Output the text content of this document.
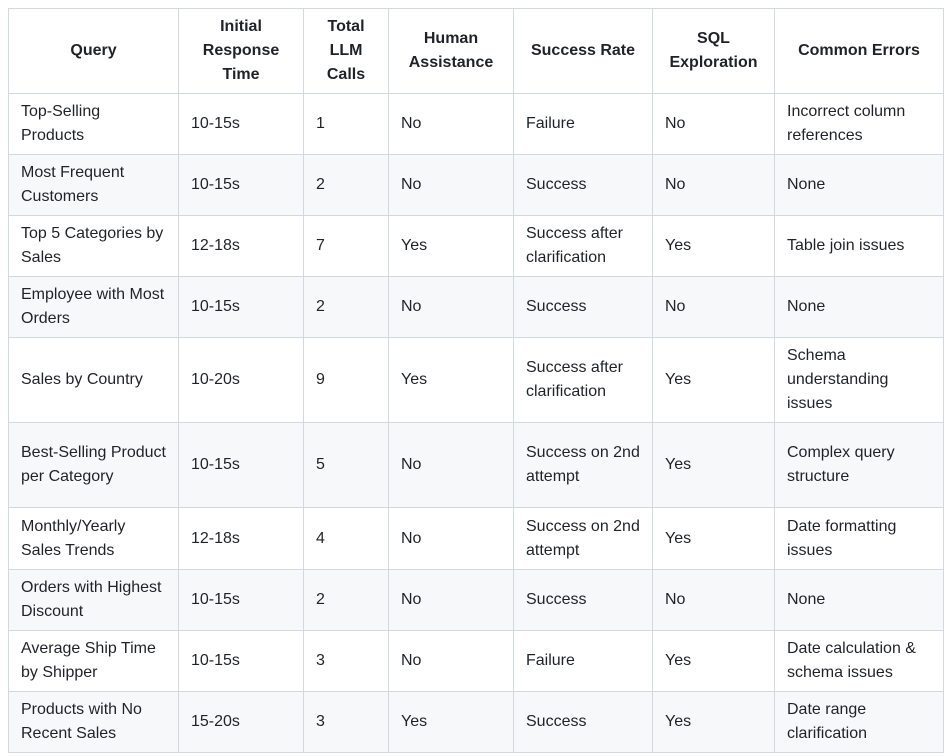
Query	Initial Response Time	Total LLM Calls	Human Assistance	Success Rate	SQL Exploration	Common Errors
Top-Selling Products	10-15s	1	No	Failure	No	Incorrect column references
Most Frequent Customers	10-15s	2	No	Success	No	None
Top 5 Categories by Sales	12-18s	7	Yes	Success after clarification	Yes	Table join issues
Employee with Most Orders	10-15s	2	No	Success	No	None
Sales by Country	10-20s	9	Yes	Success after clarification	Yes	Schema understanding issues
Best-Selling Product per Category	10-15s	5	No	Success on 2nd attempt	Yes	Complex query structure
Monthly/Yearly Sales Trends	12-18s	4	No	Success on 2nd attempt	Yes	Date formatting issues
Orders with Highest Discount	10-15s	2	No	Success	No	None
Average Ship Time by Shipper	10-15s	3	No	Failure	Yes	Date calculation & schema issues
Products with No Recent Sales	15-20s	3	Yes	Success	Yes	Date range clarification
